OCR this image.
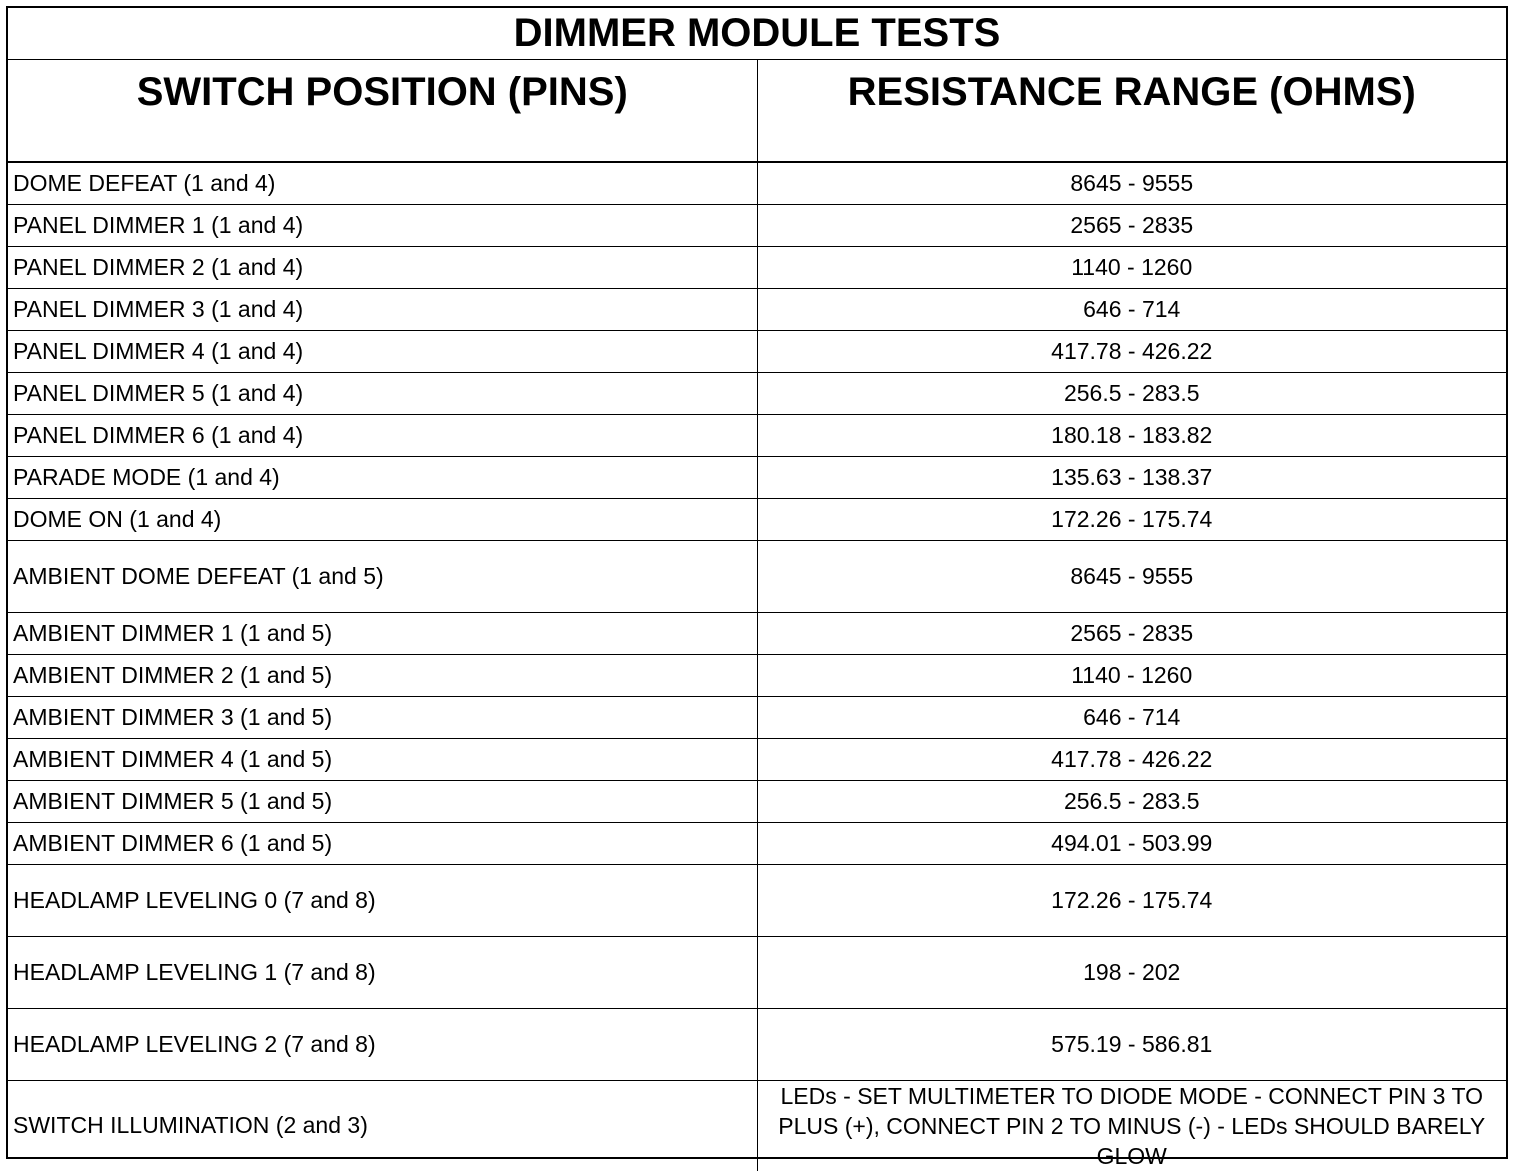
DIMMER MODULE TESTS	
SWITCH POSITION (PINS)	RESISTANCE RANGE (OHMS)
DOME DEFEAT (1 and 4)	8645 - 9555
PANEL DIMMER 1 (1 and 4)	2565 - 2835
PANEL DIMMER 2 (1 and 4)	1140 - 1260
PANEL DIMMER 3 (1 and 4)	646 - 714
PANEL DIMMER 4 (1 and 4)	417.78 - 426.22
PANEL DIMMER 5 (1 and 4)	256.5 - 283.5
PANEL DIMMER 6 (1 and 4)	180.18 - 183.82
PARADE MODE (1 and 4)	135.63 - 138.37
DOME ON (1 and 4)	172.26 - 175.74
AMBIENT DOME DEFEAT (1 and 5)	8645 - 9555
AMBIENT DIMMER 1 (1 and 5)	2565 - 2835
AMBIENT DIMMER 2 (1 and 5)	1140 - 1260
AMBIENT DIMMER 3 (1 and 5)	646 - 714
AMBIENT DIMMER 4 (1 and 5)	417.78 - 426.22
AMBIENT DIMMER 5 (1 and 5)	256.5 - 283.5
AMBIENT DIMMER 6 (1 and 5)	494.01 - 503.99
HEADLAMP LEVELING 0 (7 and 8)	172.26 - 175.74
HEADLAMP LEVELING 1 (7 and 8)	198 - 202
HEADLAMP LEVELING 2 (7 and 8)	575.19 - 586.81
SWITCH ILLUMINATION (2 and 3)	LEDs - SET MULTIMETER TO DIODE MODE - CONNECT PIN 3 TO PLUS (+), CONNECT PIN 2 TO MINUS (-) - LEDs SHOULD BARELY GLOW
